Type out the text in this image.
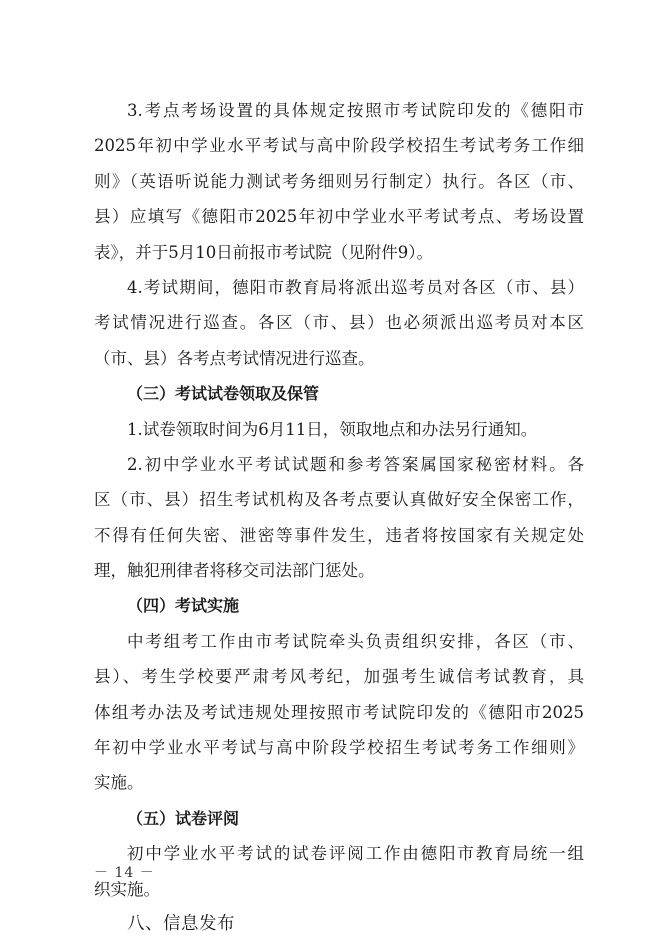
3.考点考场设置的具体规定按照市考试院印发的《德阳市
2025年初中学业水平考试与高中阶段学校招生考试考务工作细
则》（英语听说能力测试考务细则另行制定）执行。各区（市、
县）应填写《德阳市2025年初中学业水平考试考点、考场设置
表》，并于5月10日前报市考试院（见附件9）。
4.考试期间，德阳市教育局将派出巡考员对各区（市、县）
考试情况进行巡查。各区（市、县）也必须派出巡考员对本区
（市、县）各考点考试情况进行巡查。
（三）考试试卷领取及保管
1.试卷领取时间为6月11日，领取地点和办法另行通知。
2.初中学业水平考试试题和参考答案属国家秘密材料。各
区（市、县）招生考试机构及各考点要认真做好安全保密工作，
不得有任何失密、泄密等事件发生，违者将按国家有关规定处
理，触犯刑律者将移交司法部门惩处。
（四）考试实施
中考组考工作由市考试院牵头负责组织安排，各区（市、
县）、考生学校要严肃考风考纪，加强考生诚信考试教育，具
体组考办法及考试违规处理按照市考试院印发的《德阳市2025
年初中学业水平考试与高中阶段学校招生考试考务工作细则》
实施。
（五）试卷评阅
初中学业水平考试的试卷评阅工作由德阳市教育局统一组
织实施。
八、信息发布
－ 14 －
